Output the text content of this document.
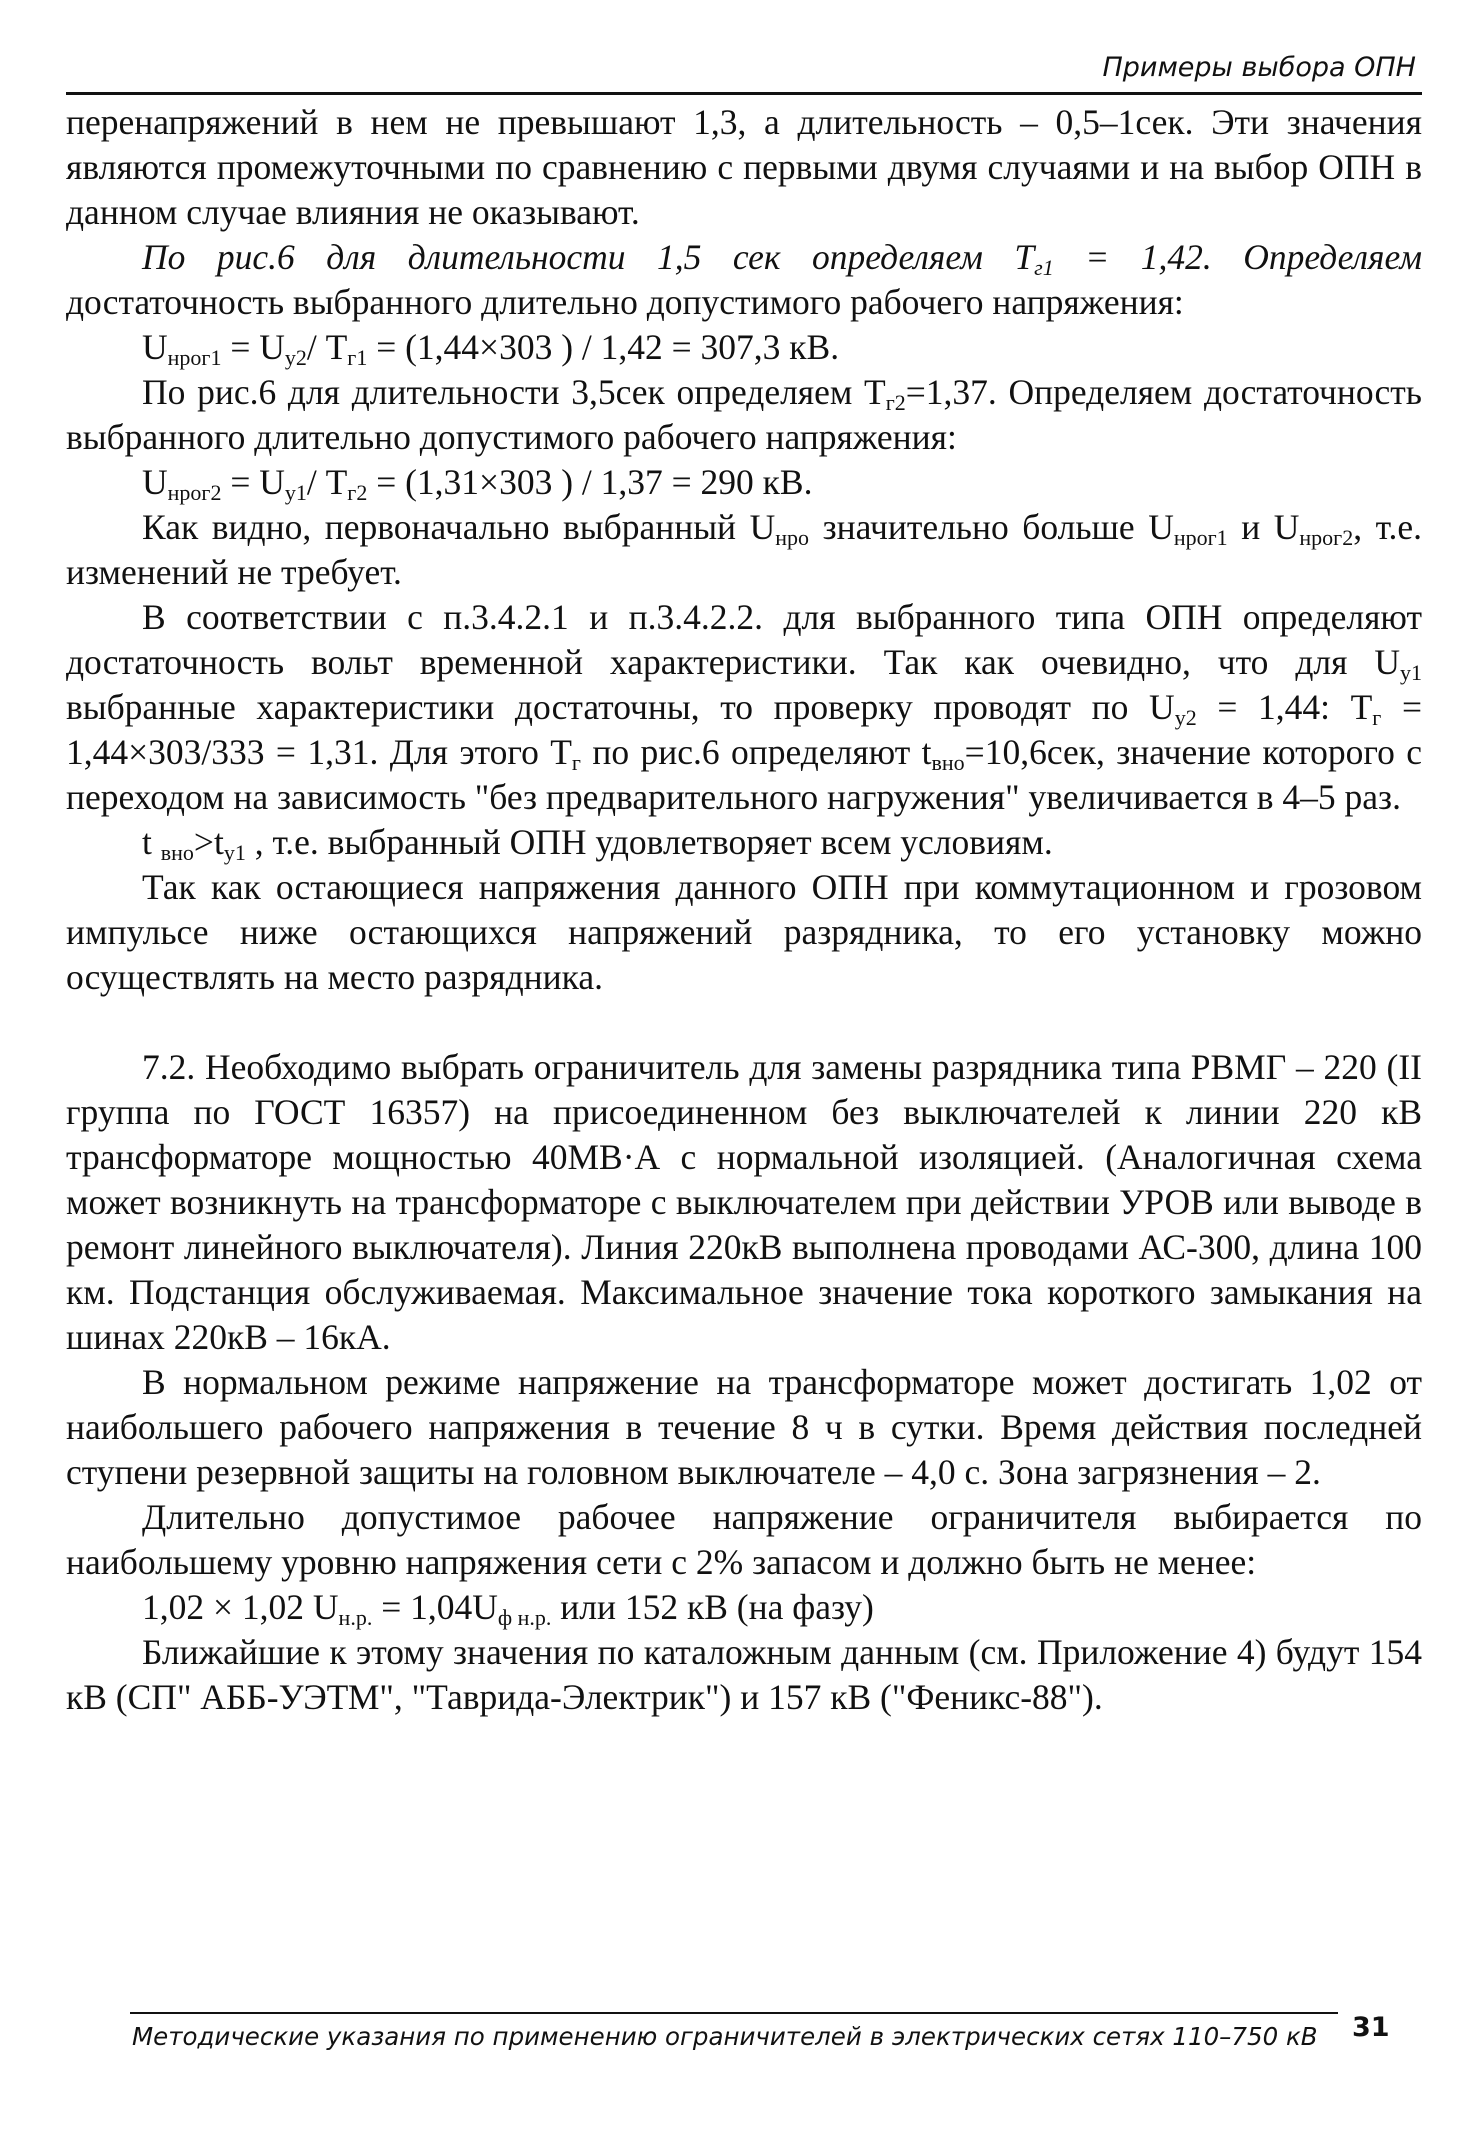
Примеры выбора ОПН

перенапряжений в нем не превышают 1,3, а длительность – 0,5–1сек. Эти значения являются промежуточными по сравнению с первыми двумя случаями и на выбор ОПН в данном случае влияния не оказывают.

По рис.6 для длительности 1,5 сек определяем $T_{г1} = 1,42$. Определяем достаточность выбранного длительно допустимого рабочего напряжения:

$U_{нрог1} = U_{у2}/$ $T_{г1} = (1,44\times 303$ ) / 1,42 = 307,3 кВ.

По рис.6 для длительности 3,5сек определяем $T_{г2}=1,37$. Определяем достаточность выбранного длительно допустимого рабочего напряжения:

$U_{нрог2} = U_{у1}/$ $T_{г2} = (1,31\times 303$ ) / 1,37 = 290 кВ.

Как видно, первоначально выбранный $U_{нро}$ значительно больше $U_{нрог1}$ и $U_{нрог2}$, т.е. изменений не требует.

В соответствии с п.3.4.2.1 и п.3.4.2.2. для выбранного типа ОПН определяют достаточность вольт временной характеристики. Так как очевидно, что для $U_{у1}$ выбранные характеристики достаточны, то проверку проводят по $U_{у2} = 1,44$: $T_г = 1,44\times 303/333 = 1,31$. Для этого $T_г$ по рис.6 определяют $t_{вно}=10,6сек$, значение которого с переходом на зависимость "без предварительного нагружения" увеличивается в 4–5 раз.

t $_{вно}>t_{у1}$ , т.е. выбранный ОПН удовлетворяет всем условиям.

Так как остающиеся напряжения данного ОПН при коммутационном и грозовом импульсе ниже остающихся напряжений разрядника, то его установку можно осуществлять на место разрядника.

7.2. Необходимо выбрать ограничитель для замены разрядника типа РВМГ – 220 (II группа по ГОСТ 16357) на присоединенном без выключателей к линии 220 кВ трансформаторе мощностью 40МВ·А с нормальной изоляцией. (Аналогичная схема может возникнуть на трансформаторе с выключателем при действии УРОВ или выводе в ремонт линейного выключателя). Линия 220кВ выполнена проводами АС-300, длина 100 км. Подстанция обслуживаемая. Максимальное значение тока короткого замыкания на шинах 220кВ – 16кА.

В нормальном режиме напряжение на трансформаторе может достигать 1,02 от наибольшего рабочего напряжения в течение 8 ч в сутки. Время действия последней ступени резервной защиты на головном выключателе – 4,0 с. Зона загрязнения – 2.

Длительно допустимое рабочее напряжение ограничителя выбирается по наибольшему уровню напряжения сети с 2% запасом и должно быть не менее:

1,02 × 1,02 $U_{н.р.} = 1,04U_{ф н.р.}$ или 152 кВ (на фазу)

Ближайшие к этому значения по каталожным данным (см. Приложение 4) будут 154 кВ (СП" АББ-УЭТМ", "Таврида-Электрик") и 157 кВ ("Феникс-88").

Методические указания по применению ограничителей в электрических сетях 110–750 кВ 31
